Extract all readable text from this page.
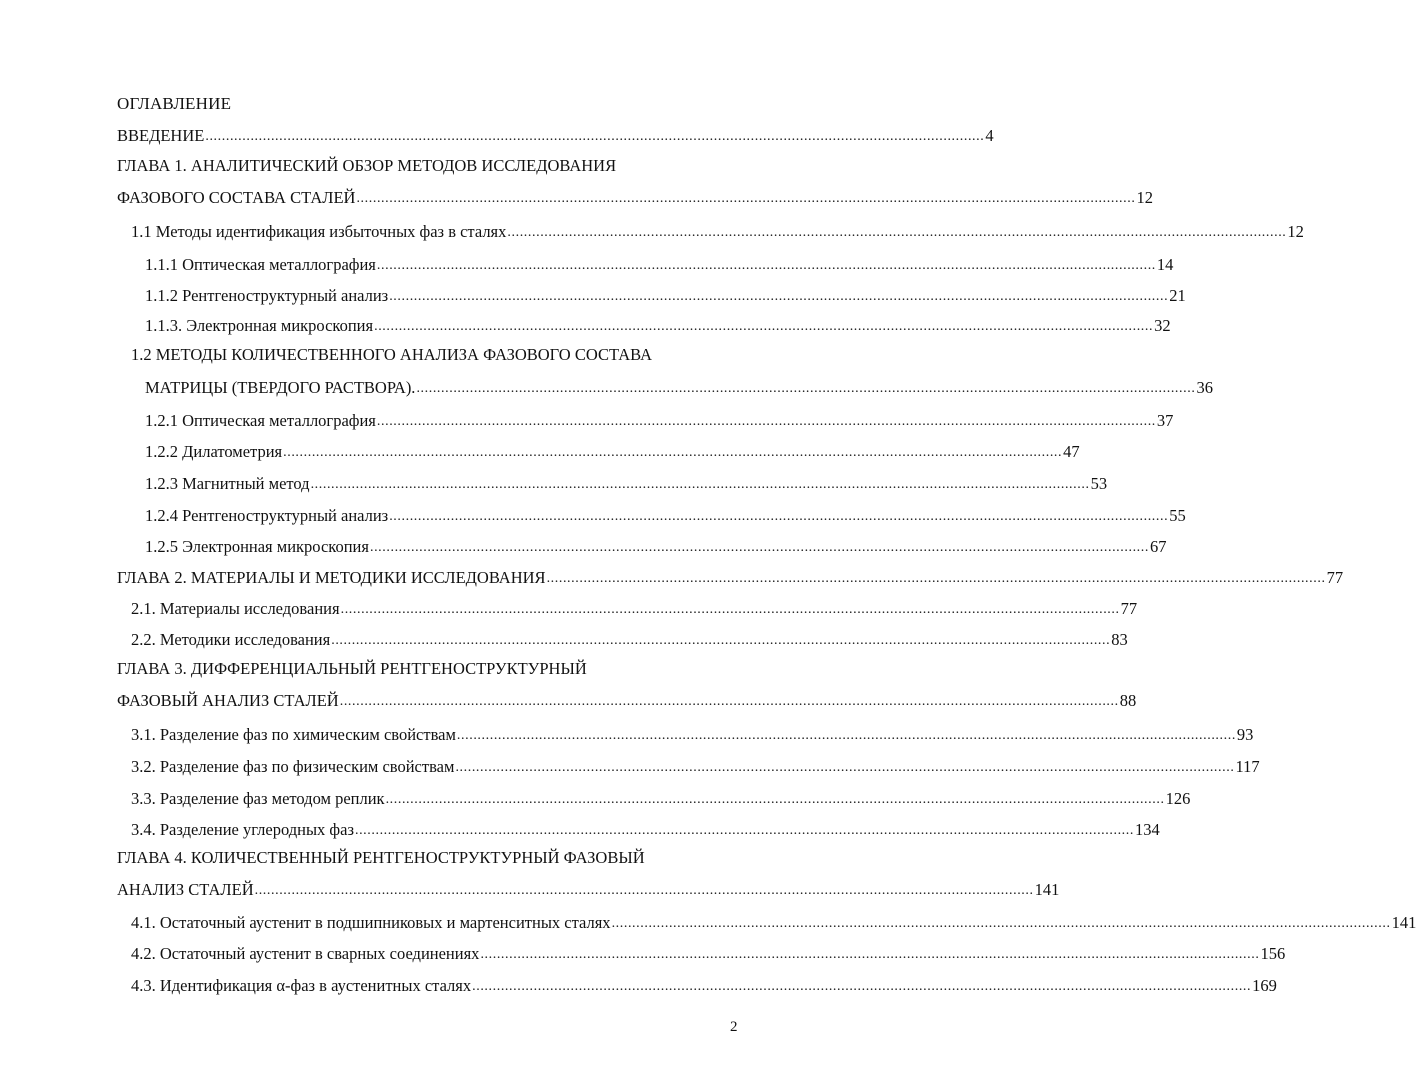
ОГЛАВЛЕНИЕ
ВВЕДЕНИЕ .............................................................................................................................................................................................. 4
ГЛАВА 1. АНАЛИТИЧЕСКИЙ ОБЗОР МЕТОДОВ ИССЛЕДОВАНИЯ
ФАЗОВОГО СОСТАВА СТАЛЕЙ .............................................................................................................................................................................................. 12
1.1 Методы идентификация избыточных фаз в сталях .............................................................................................................................................................................................. 12
1.1.1 Оптическая металлография .............................................................................................................................................................................................. 14
1.1.2 Рентгеноструктурный анализ .............................................................................................................................................................................................. 21
1.1.3. Электронная микроскопия .............................................................................................................................................................................................. 32
1.2 МЕТОДЫ КОЛИЧЕСТВЕННОГО АНАЛИЗА ФАЗОВОГО СОСТАВА
МАТРИЦЫ (ТВЕРДОГО РАСТВОРА). .............................................................................................................................................................................................. 36
1.2.1 Оптическая металлография .............................................................................................................................................................................................. 37
1.2.2 Дилатометрия .............................................................................................................................................................................................. 47
1.2.3 Магнитный метод .............................................................................................................................................................................................. 53
1.2.4 Рентгеноструктурный анализ .............................................................................................................................................................................................. 55
1.2.5 Электронная микроскопия .............................................................................................................................................................................................. 67
ГЛАВА 2. МАТЕРИАЛЫ И МЕТОДИКИ ИССЛЕДОВАНИЯ .............................................................................................................................................................................................. 77
2.1. Материалы исследования .............................................................................................................................................................................................. 77
2.2. Методики исследования .............................................................................................................................................................................................. 83
ГЛАВА 3. ДИФФЕРЕНЦИАЛЬНЫЙ РЕНТГЕНОСТРУКТУРНЫЙ
ФАЗОВЫЙ АНАЛИЗ СТАЛЕЙ .............................................................................................................................................................................................. 88
3.1. Разделение фаз по химическим свойствам .............................................................................................................................................................................................. 93
3.2. Разделение фаз по физическим свойствам .............................................................................................................................................................................................. 117
3.3. Разделение фаз методом реплик .............................................................................................................................................................................................. 126
3.4. Разделение углеродных фаз .............................................................................................................................................................................................. 134
ГЛАВА 4. КОЛИЧЕСТВЕННЫЙ РЕНТГЕНОСТРУКТУРНЫЙ ФАЗОВЫЙ
АНАЛИЗ СТАЛЕЙ .............................................................................................................................................................................................. 141
4.1. Остаточный аустенит в подшипниковых и мартенситных сталях .............................................................................................................................................................................................. 141
4.2. Остаточный аустенит в сварных соединениях .............................................................................................................................................................................................. 156
4.3. Идентификация α-фаз в аустенитных сталях .............................................................................................................................................................................................. 169
2
